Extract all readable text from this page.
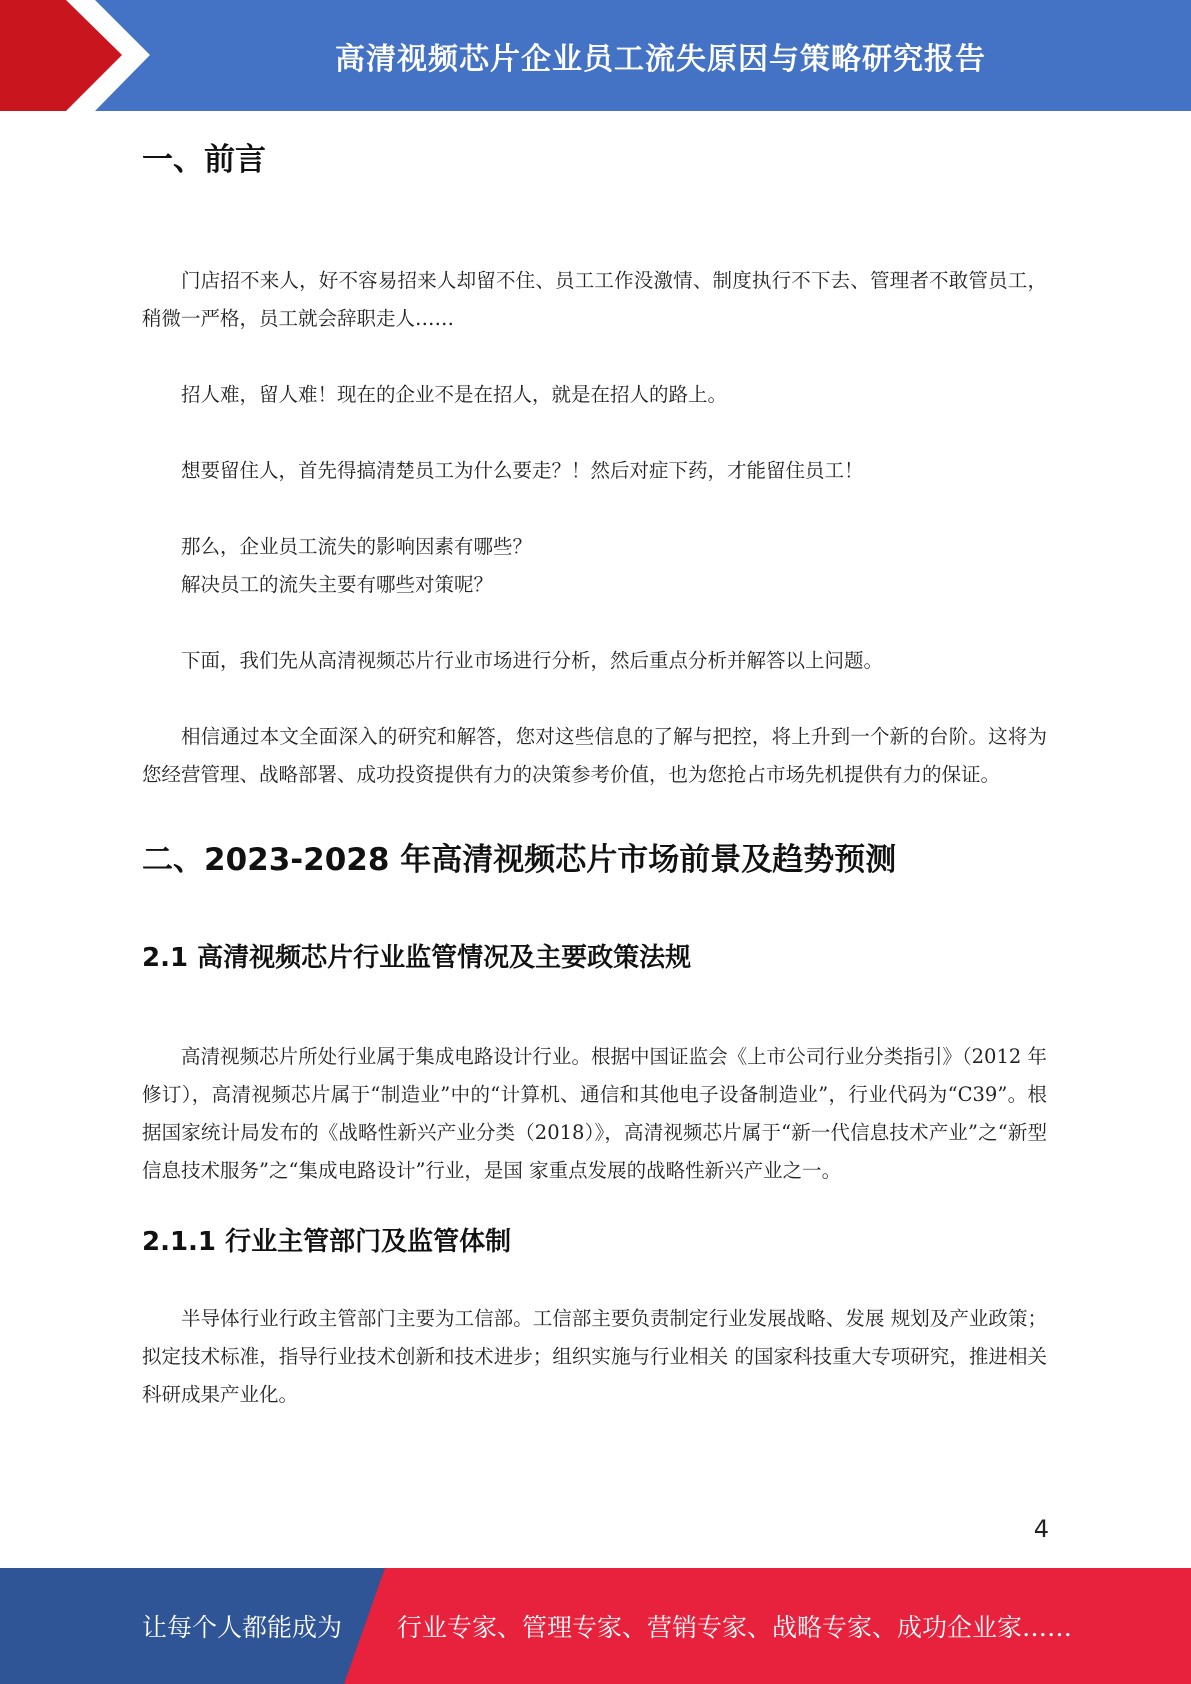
高清视频芯片企业员工流失原因与策略研究报告
一、前言

门店招不来人，好不容易招来人却留不住、员工工作没激情、制度执行不下去、管理者不敢管员工，稍微一严格，员工就会辞职走人……

招人难，留人难！现在的企业不是在招人，就是在招人的路上。

想要留住人，首先得搞清楚员工为什么要走？！然后对症下药，才能留住员工！

那么，企业员工流失的影响因素有哪些？

解决员工的流失主要有哪些对策呢？

下面，我们先从高清视频芯片行业市场进行分析，然后重点分析并解答以上问题。

相信通过本文全面深入的研究和解答，您对这些信息的了解与把控，将上升到一个新的台阶。这将为您经营管理、战略部署、成功投资提供有力的决策参考价值，也为您抢占市场先机提供有力的保证。

二、2023-2028 年高清视频芯片市场前景及趋势预测
2.1 高清视频芯片行业监管情况及主要政策法规

高清视频芯片所处行业属于集成电路设计行业。根据中国证监会《上市公司行业分类指引》（2012 年修订），高清视频芯片属于“制造业”中的“计算机、通信和其他电子设备制造业”，行业代码为“C39”。根据国家统计局发布的《战略性新兴产业分类（2018）》，高清视频芯片属于“新一代信息技术产业”之“新型信息技术服务”之“集成电路设计”行业，是国 家重点发展的战略性新兴产业之一。

2.1.1 行业主管部门及监管体制

半导体行业行政主管部门主要为工信部。工信部主要负责制定行业发展战略、发展 规划及产业政策；拟定技术标准，指导行业技术创新和技术进步；组织实施与行业相关 的国家科技重大专项研究，推进相关科研成果产业化。

4
让每个人都能成为 行业专家、管理专家、营销专家、战略专家、成功企业家……
